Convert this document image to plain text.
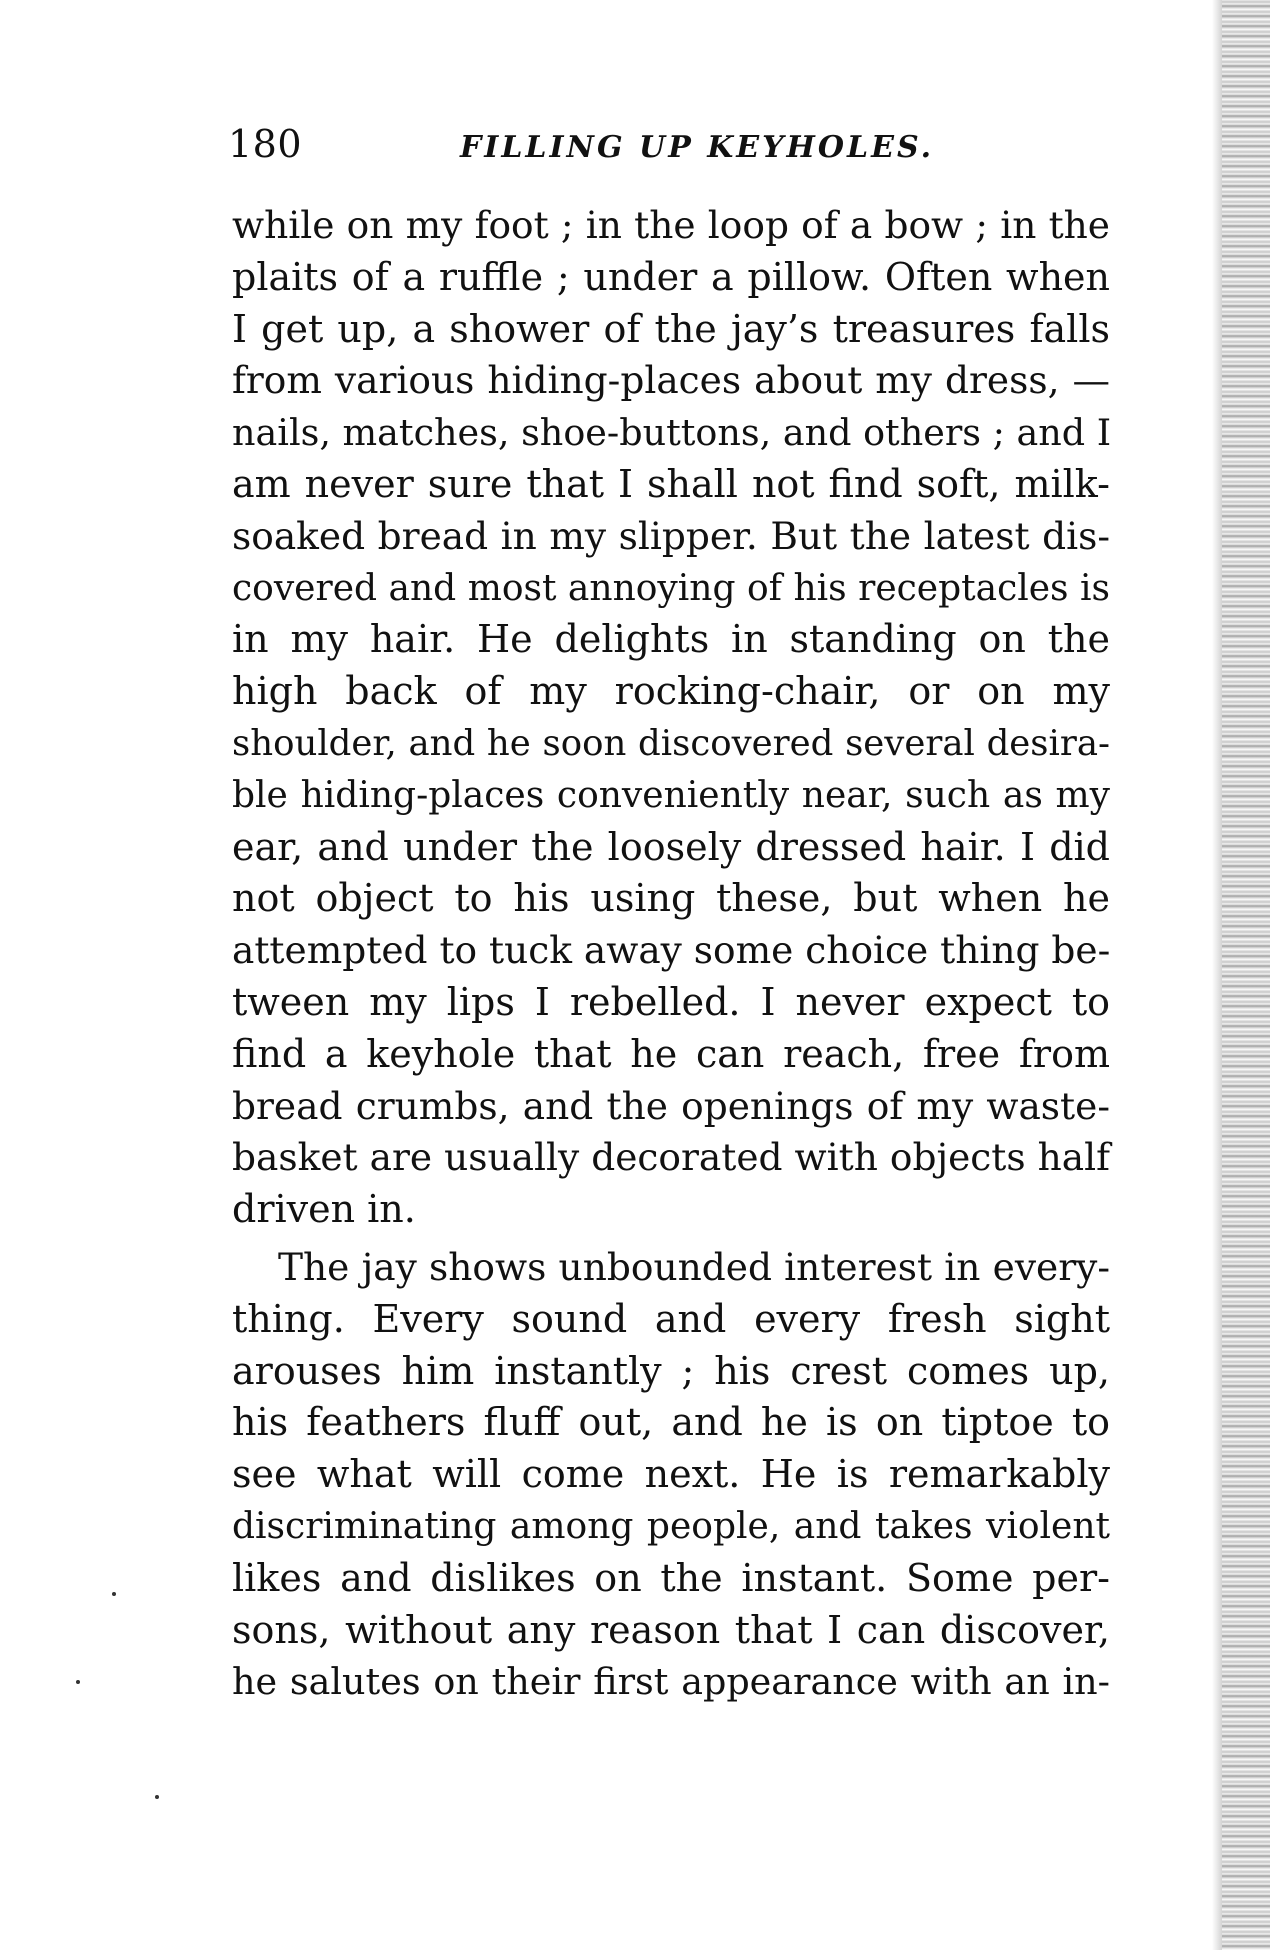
180	FILLING UP KEYHOLES.
while on my foot ; in the loop of a bow ; in the
plaits of a ruffle ; under a pillow. Often when
I get up, a shower of the jay’s treasures falls
from various hiding-places about my dress, —
nails, matches, shoe-buttons, and others ; and I
am never sure that I shall not find soft, milk-
soaked bread in my slipper. But the latest dis-
covered and most annoying of his receptacles is
in my hair. He delights in standing on the
high back of my rocking-chair, or on my
shoulder, and he soon discovered several desira-
ble hiding-places conveniently near, such as my
ear, and under the loosely dressed hair. I did
not object to his using these, but when he
attempted to tuck away some choice thing be-
tween my lips I rebelled. I never expect to
find a keyhole that he can reach, free from
bread crumbs, and the openings of my waste-
basket are usually decorated with objects half
driven in.
The jay shows unbounded interest in every-
thing. Every sound and every fresh sight
arouses him instantly ; his crest comes up,
his feathers fluff out, and he is on tiptoe to
see what will come next. He is remarkably
discriminating among people, and takes violent
likes and dislikes on the instant. Some per-
sons, without any reason that I can discover,
he salutes on their first appearance with an in-
